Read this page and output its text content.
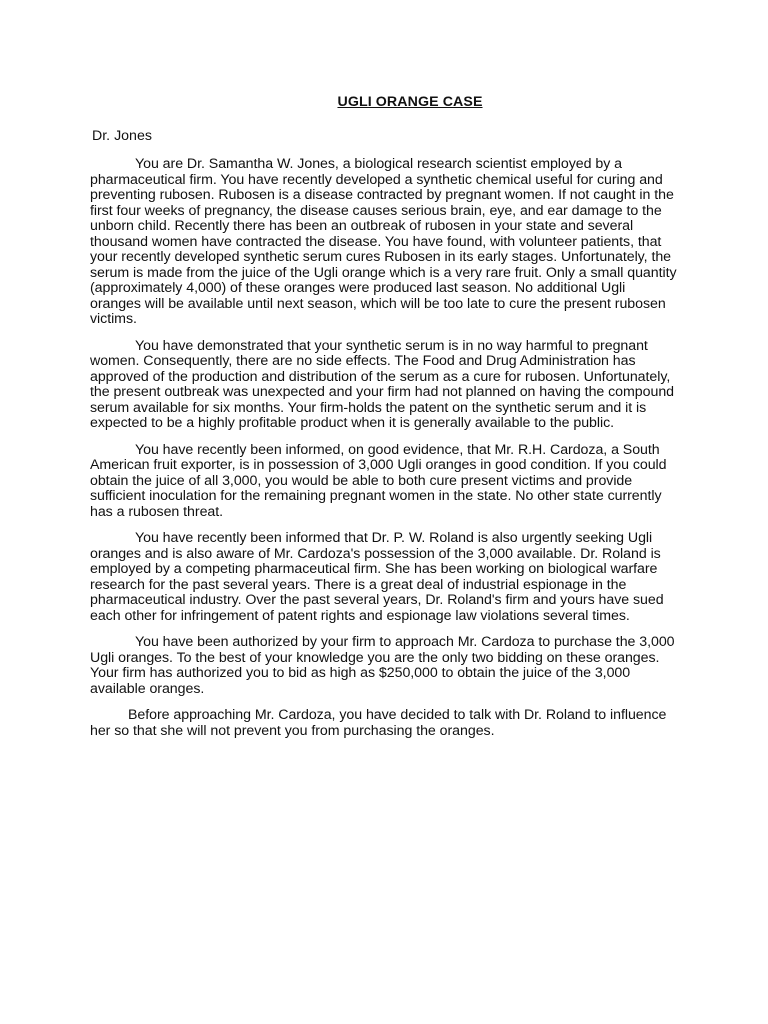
UGLI ORANGE CASE

Dr. Jones

You are Dr. Samantha W. Jones, a biological research scientist employed by a pharmaceutical firm. You have recently developed a synthetic chemical useful for curing and preventing rubosen. Rubosen is a disease contracted by pregnant women. If not caught in the first four weeks of pregnancy, the disease causes serious brain, eye, and ear damage to the unborn child. Recently there has been an outbreak of rubosen in your state and several thousand women have contracted the disease. You have found, with volunteer patients, that your recently developed synthetic serum cures Rubosen in its early stages. Unfortunately, the serum is made from the juice of the Ugli orange which is a very rare fruit. Only a small quantity (approximately 4,000) of these oranges were produced last season. No additional Ugli oranges will be available until next season, which will be too late to cure the present rubosen victims.

You have demonstrated that your synthetic serum is in no way harmful to pregnant women. Consequently, there are no side effects. The Food and Drug Administration has approved of the production and distribution of the serum as a cure for rubosen. Unfortunately, the present outbreak was unexpected and your firm had not planned on having the compound serum available for six months. Your firm-holds the patent on the synthetic serum and it is expected to be a highly profitable product when it is generally available to the public.

You have recently been informed, on good evidence, that Mr. R.H. Cardoza, a South American fruit exporter, is in possession of 3,000 Ugli oranges in good condition. If you could obtain the juice of all 3,000, you would be able to both cure present victims and provide sufficient inoculation for the remaining pregnant women in the state. No other state currently has a rubosen threat.

You have recently been informed that Dr. P. W. Roland is also urgently seeking Ugli oranges and is also aware of Mr. Cardoza's possession of the 3,000 available. Dr. Roland is employed by a competing pharmaceutical firm. She has been working on biological warfare research for the past several years. There is a great deal of industrial espionage in the pharmaceutical industry. Over the past several years, Dr. Roland's firm and yours have sued each other for infringement of patent rights and espionage law violations several times.

You have been authorized by your firm to approach Mr. Cardoza to purchase the 3,000 Ugli oranges. To the best of your knowledge you are the only two bidding on these oranges. Your firm has authorized you to bid as high as $250,000 to obtain the juice of the 3,000 available oranges.

Before approaching Mr. Cardoza, you have decided to talk with Dr. Roland to influence her so that she will not prevent you from purchasing the oranges.
